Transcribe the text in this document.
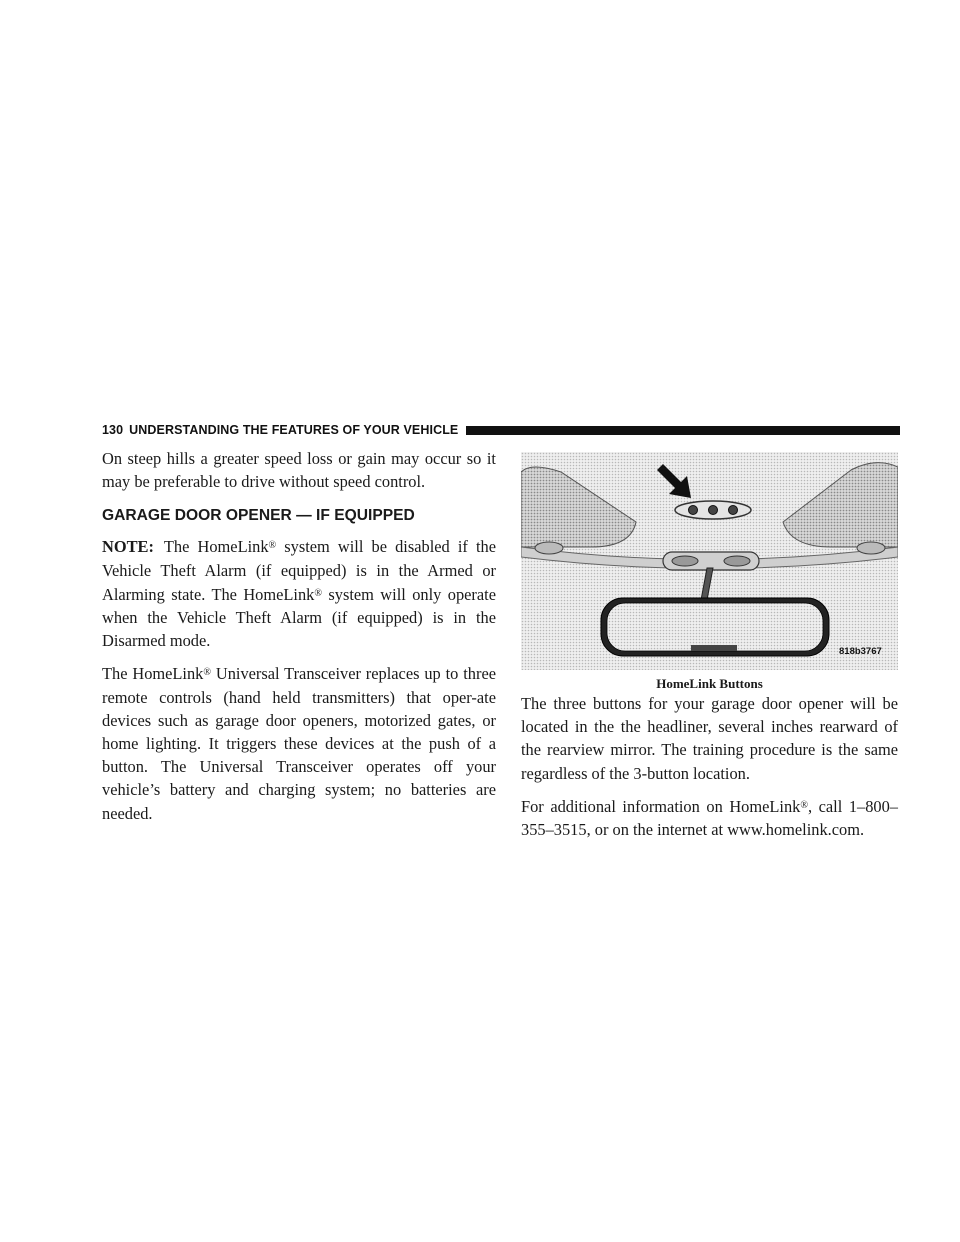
130 UNDERSTANDING THE FEATURES OF YOUR VEHICLE

On steep hills a greater speed loss or gain may occur so it may be preferable to drive without speed control.

GARAGE DOOR OPENER — IF EQUIPPED

NOTE: The HomeLink® system will be disabled if the Vehicle Theft Alarm (if equipped) is in the Armed or Alarming state. The HomeLink® system will only operate when the Vehicle Theft Alarm (if equipped) is in the Disarmed mode.

The HomeLink® Universal Transceiver replaces up to three remote controls (hand held transmitters) that oper-ate devices such as garage door openers, motorized gates, or home lighting. It triggers these devices at the push of a button. The Universal Transceiver operates off your vehicle’s battery and charging system; no batteries are needed.

818b3767
HomeLink Buttons

The three buttons for your garage door opener will be located in the the headliner, several inches rearward of the rearview mirror. The training procedure is the same regardless of the 3-button location.

For additional information on HomeLink®, call 1–800– 355–3515, or on the internet at www.homelink.com.
